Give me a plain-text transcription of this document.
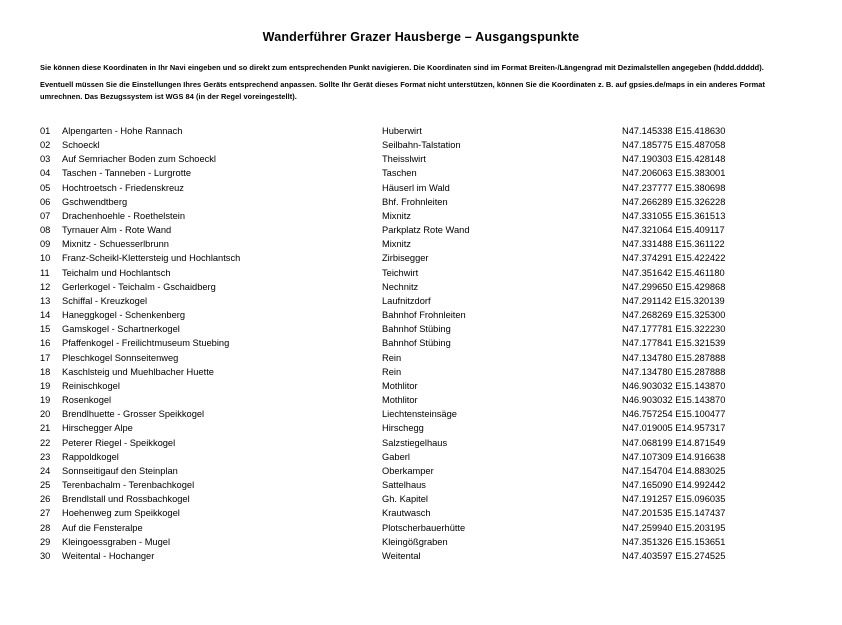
Wanderführer Grazer Hausberge – Ausgangspunkte

Sie können diese Koordinaten in Ihr Navi eingeben und so direkt zum entsprechenden Punkt navigieren. Die Koordinaten sind im Format Breiten-/Längengrad mit Dezimalstellen angegeben (hddd.ddddd).

Eventuell müssen Sie die Einstellungen Ihres Geräts entsprechend anpassen. Sollte Ihr Gerät dieses Format nicht unterstützen, können Sie die Koordinaten z. B. auf gpsies.de/maps in ein anderes Format umrechnen. Das Bezugssystem ist WGS 84 (in der Regel voreingestellt).

01	Alpengarten - Hohe Rannach	Huberwirt	N47.145338 E15.418630
02	Schoeckl	Seilbahn-Talstation	N47.185775 E15.487058
03	Auf Semriacher Boden zum Schoeckl	Theisslwirt	N47.190303 E15.428148
04	Taschen - Tanneben - Lurgrotte	Taschen	N47.206063 E15.383001
05	Hochtroetsch - Friedenskreuz	Häuserl im Wald	N47.237777 E15.380698
06	Gschwendtberg	Bhf. Frohnleiten	N47.266289 E15.326228
07	Drachenhoehle - Roethelstein	Mixnitz	N47.331055 E15.361513
08	Tyrnauer Alm - Rote Wand	Parkplatz Rote Wand	N47.321064 E15.409117
09	Mixnitz - Schuesserlbrunn	Mixnitz	N47.331488 E15.361122
10	Franz-Scheikl-Klettersteig und Hochlantsch	Zirbisegger	N47.374291 E15.422422
11	Teichalm und Hochlantsch	Teichwirt	N47.351642 E15.461180
12	Gerlerkogel - Teichalm - Gschaidberg	Nechnitz	N47.299650 E15.429868
13	Schiffal - Kreuzkogel	Laufnitzdorf	N47.291142 E15.320139
14	Haneggkogel - Schenkenberg	Bahnhof Frohnleiten	N47.268269 E15.325300
15	Gamskogel - Schartnerkogel	Bahnhof Stübing	N47.177781 E15.322230
16	Pfaffenkogel - Freilichtmuseum Stuebing	Bahnhof Stübing	N47.177841 E15.321539
17	Pleschkogel Sonnseitenweg	Rein	N47.134780 E15.287888
18	Kaschlsteig und Muehlbacher Huette	Rein	N47.134780 E15.287888
19	Reinischkogel	Mothlitor	N46.903032 E15.143870
19	Rosenkogel	Mothlitor	N46.903032 E15.143870
20	Brendlhuette - Grosser Speikkogel	Liechtensteinsäge	N46.757254 E15.100477
21	Hirschegger Alpe	Hirschegg	N47.019005 E14.957317
22	Peterer Riegel - Speikkogel	Salzstiegelhaus	N47.068199 E14.871549
23	Rappoldkogel	Gaberl	N47.107309 E14.916638
24	Sonnseitigauf den Steinplan	Oberkamper	N47.154704 E14.883025
25	Terenbachalm - Terenbachkogel	Sattelhaus	N47.165090 E14.992442
26	Brendlstall und Rossbachkogel	Gh. Kapitel	N47.191257 E15.096035
27	Hoehenweg zum Speikkogel	Krautwasch	N47.201535 E15.147437
28	Auf die Fensteralpe	Plotscherbauerhütte	N47.259940 E15.203195
29	Kleingoessgraben - Mugel	Kleingößgraben	N47.351326 E15.153651
30	Weitental - Hochanger	Weitental	N47.403597 E15.274525
